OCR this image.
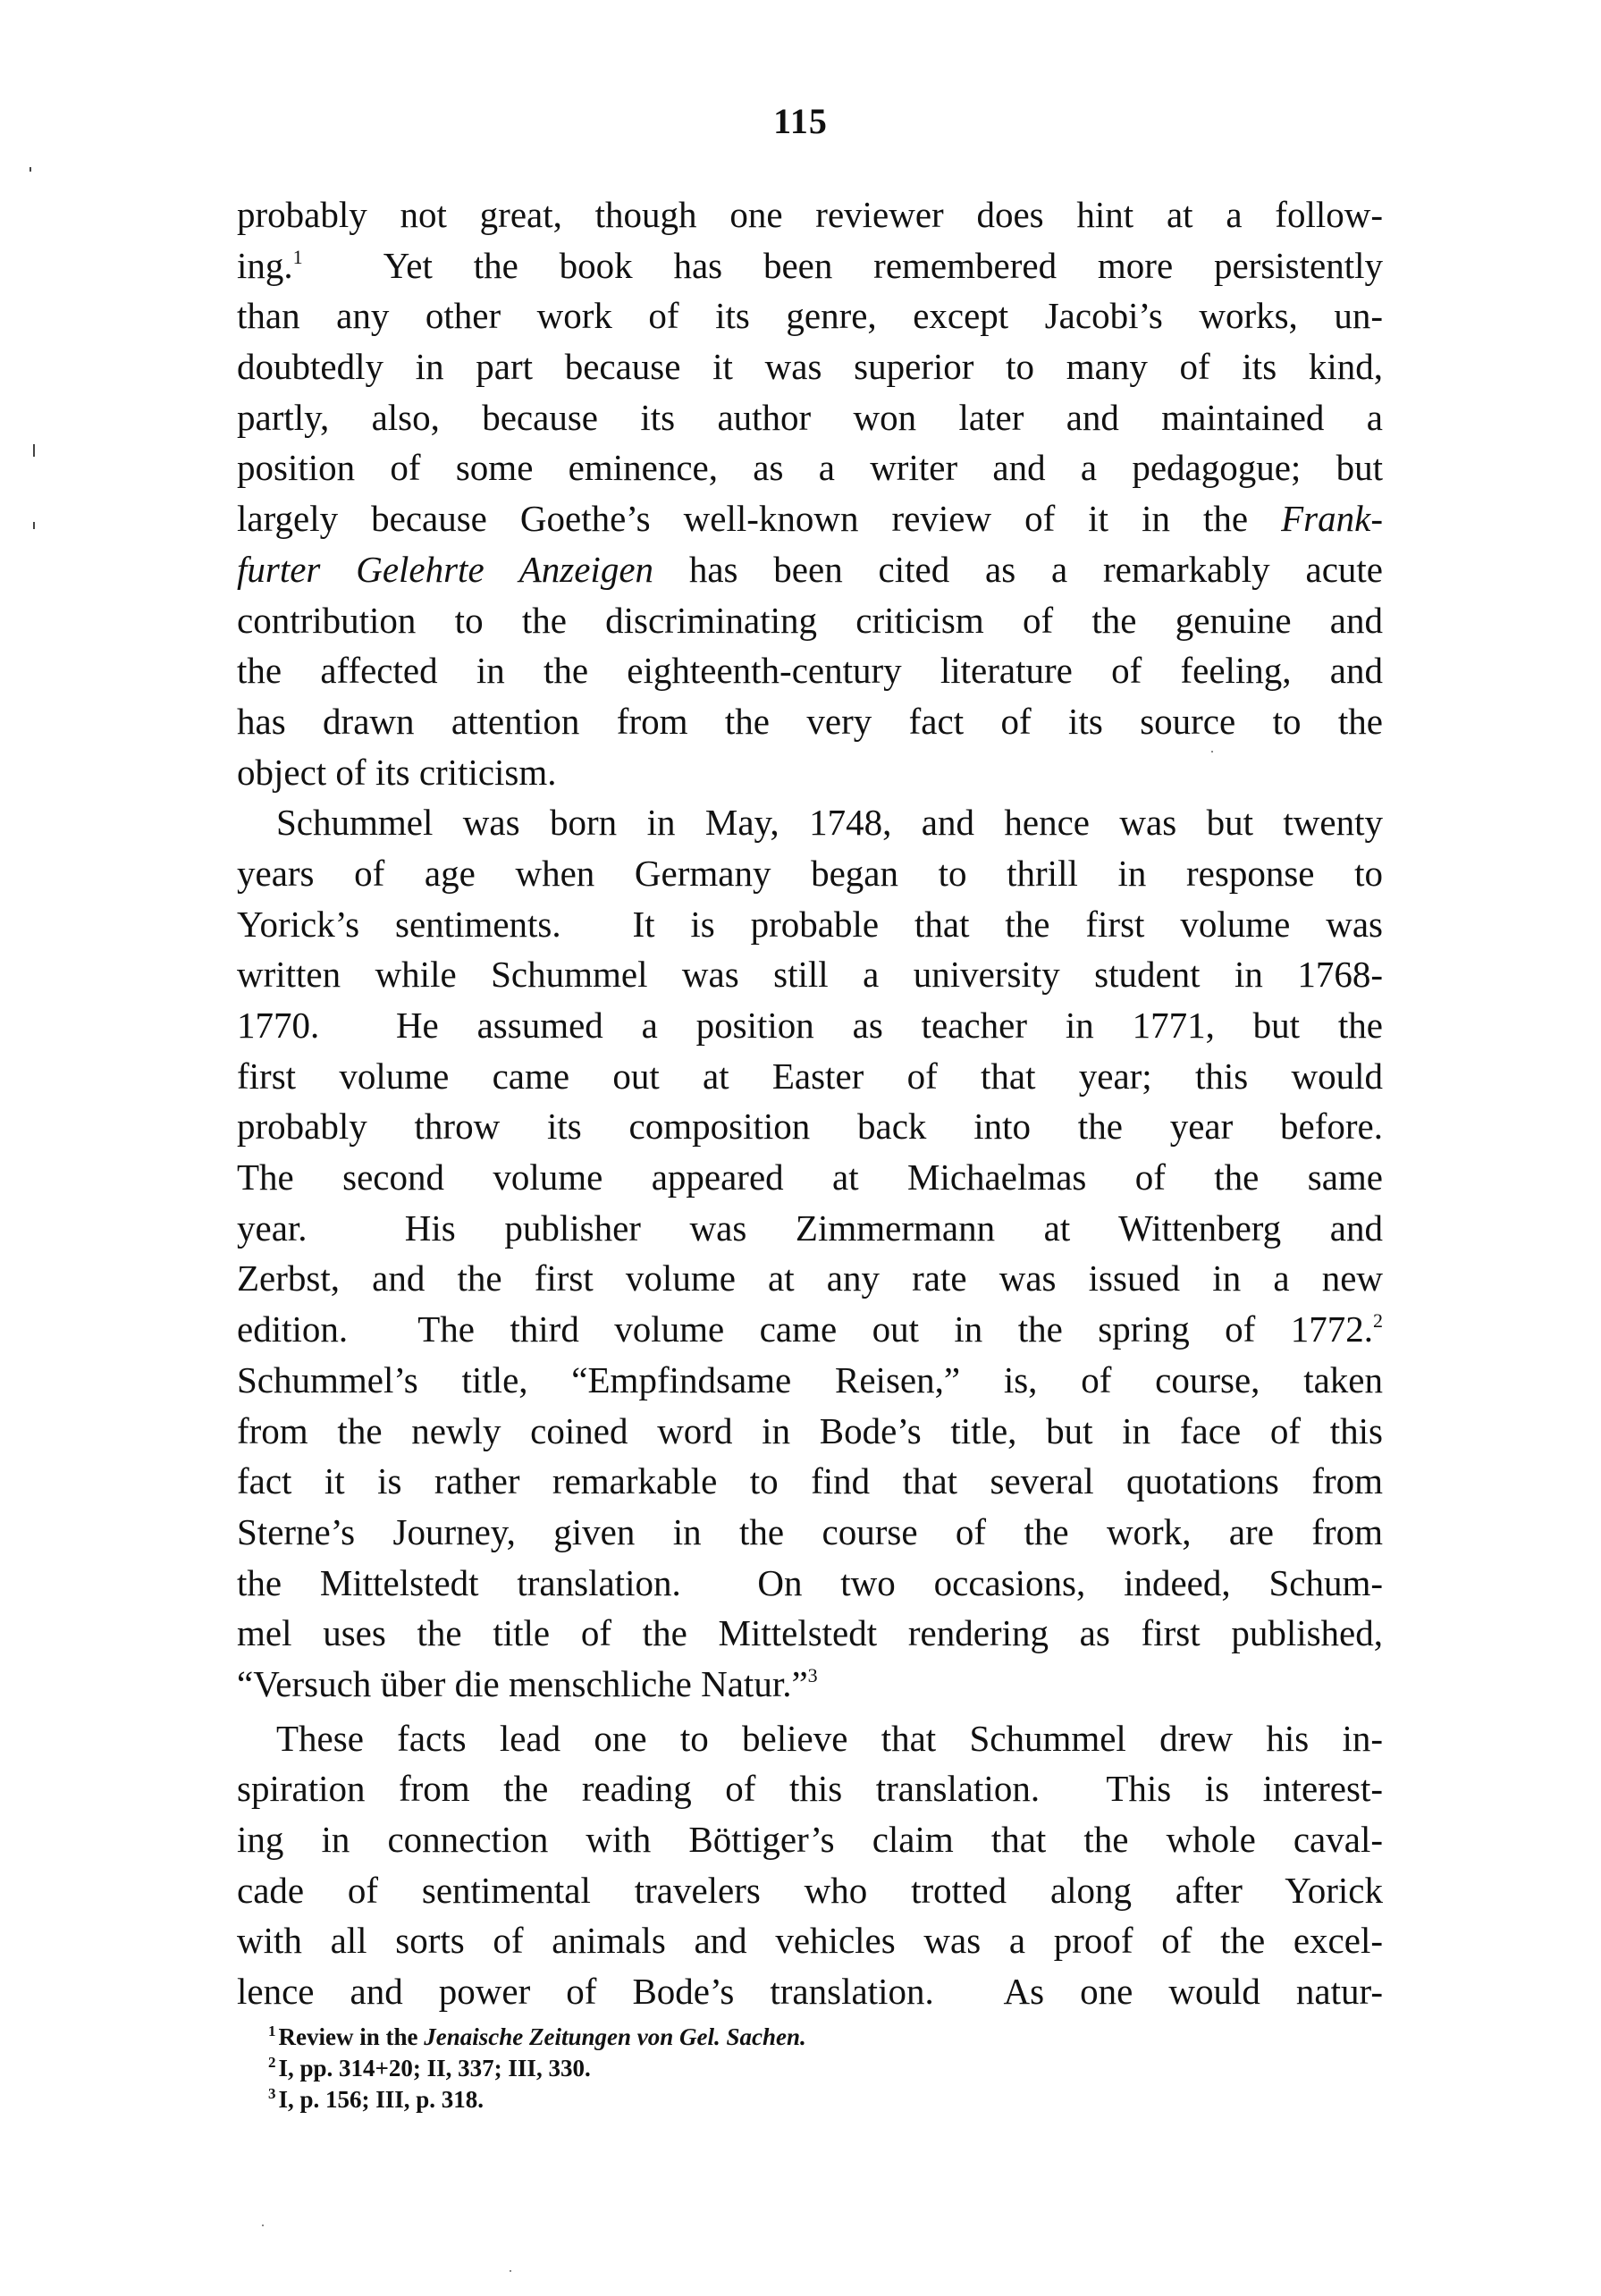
115
probably not great, though one reviewer does hint at a follow-
ing.$^1$  Yet the book has been remembered more persistently
than any other work of its genre, except Jacobi’s works, un-
doubtedly in part because it was superior to many of its kind,
partly, also, because its author won later and maintained a
position of some eminence, as a writer and a pedagogue; but
largely because Goethe’s well-known review of it in the Frank-
furter Gelehrte Anzeigen has been cited as a remarkably acute
contribution to the discriminating criticism of the genuine and
the affected in the eighteenth-century literature of feeling, and
has drawn attention from the very fact of its source to the
object of its criticism.
Schummel was born in May, 1748, and hence was but twenty
years of age when Germany began to thrill in response to
Yorick’s sentiments.  It is probable that the first volume was
written while Schummel was still a university student in 1768-
1770.  He assumed a position as teacher in 1771, but the
first volume came out at Easter of that year; this would
probably throw its composition back into the year before.
The second volume appeared at Michaelmas of the same
year.  His publisher was Zimmermann at Wittenberg and
Zerbst, and the first volume at any rate was issued in a new
edition.  The third volume came out in the spring of 1772.$^2$
Schummel’s title, “Empfindsame Reisen,” is, of course, taken
from the newly coined word in Bode’s title, but in face of this
fact it is rather remarkable to find that several quotations from
Sterne’s Journey, given in the course of the work, are from
the Mittelstedt translation.  On two occasions, indeed, Schum-
mel uses the title of the Mittelstedt rendering as first published,
“Versuch über die menschliche Natur.”$^3$
These facts lead one to believe that Schummel drew his in-
spiration from the reading of this translation.  This is interest-
ing in connection with Böttiger’s claim that the whole caval-
cade of sentimental travelers who trotted along after Yorick
with all sorts of animals and vehicles was a proof of the excel-
lence and power of Bode’s translation.  As one would natur-
$^1$ Review in the Jenaische Zeitungen von Gel. Sachen.
$^2$ I, pp. 314+20; II, 337; III, 330.
$^3$ I, p. 156; III, p. 318.
